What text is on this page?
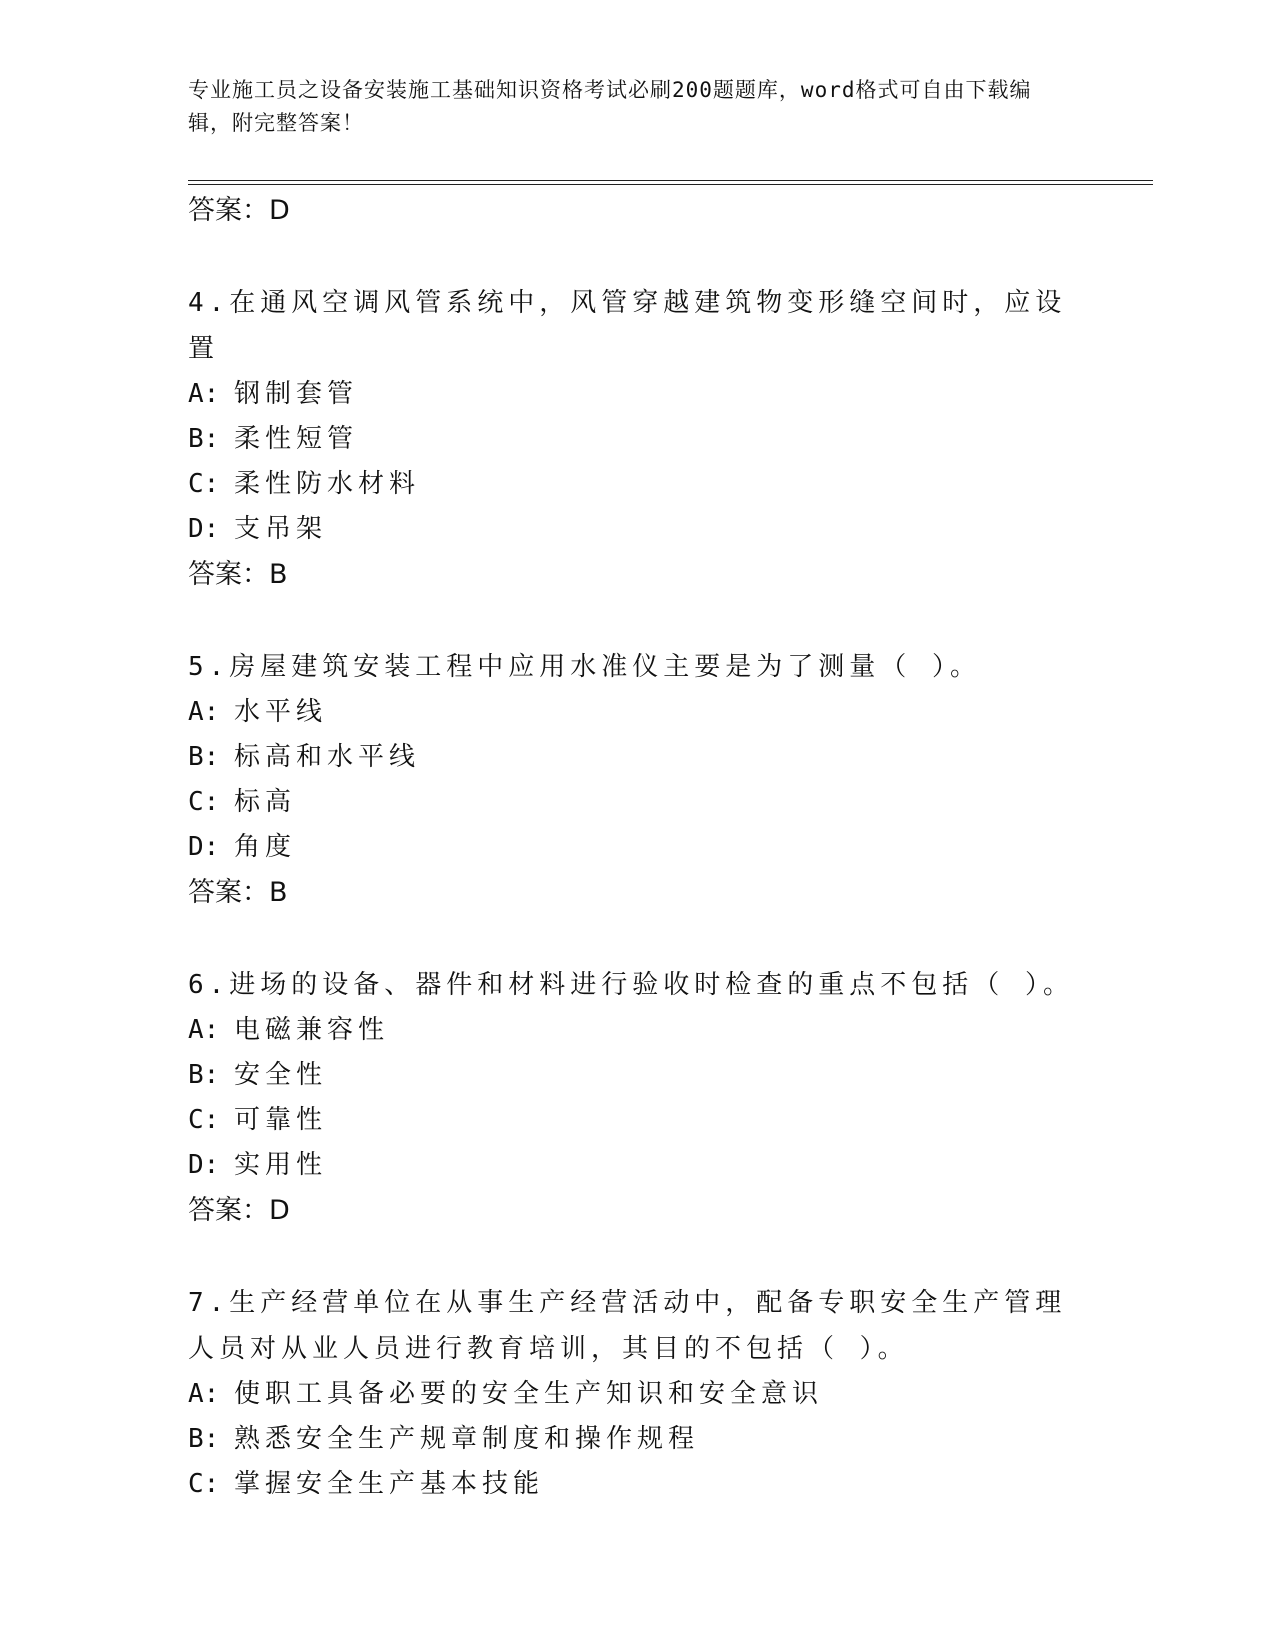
专业施工员之设备安装施工基础知识资格考试必刷200题题库，word格式可自由下载编辑，附完整答案！
答案：D
4.在通风空调风管系统中，风管穿越建筑物变形缝空间时，应设置
A: 钢制套管
B: 柔性短管
C: 柔性防水材料
D: 支吊架
答案：B
5.房屋建筑安装工程中应用水准仪主要是为了测量（ ）。
A: 水平线
B: 标高和水平线
C: 标高
D: 角度
答案：B
6.进场的设备、器件和材料进行验收时检查的重点不包括（ ）。
A: 电磁兼容性
B: 安全性
C: 可靠性
D: 实用性
答案：D
7.生产经营单位在从事生产经营活动中，配备专职安全生产管理人员对从业人员进行教育培训，其目的不包括（ ）。
A: 使职工具备必要的安全生产知识和安全意识
B: 熟悉安全生产规章制度和操作规程
C: 掌握安全生产基本技能
